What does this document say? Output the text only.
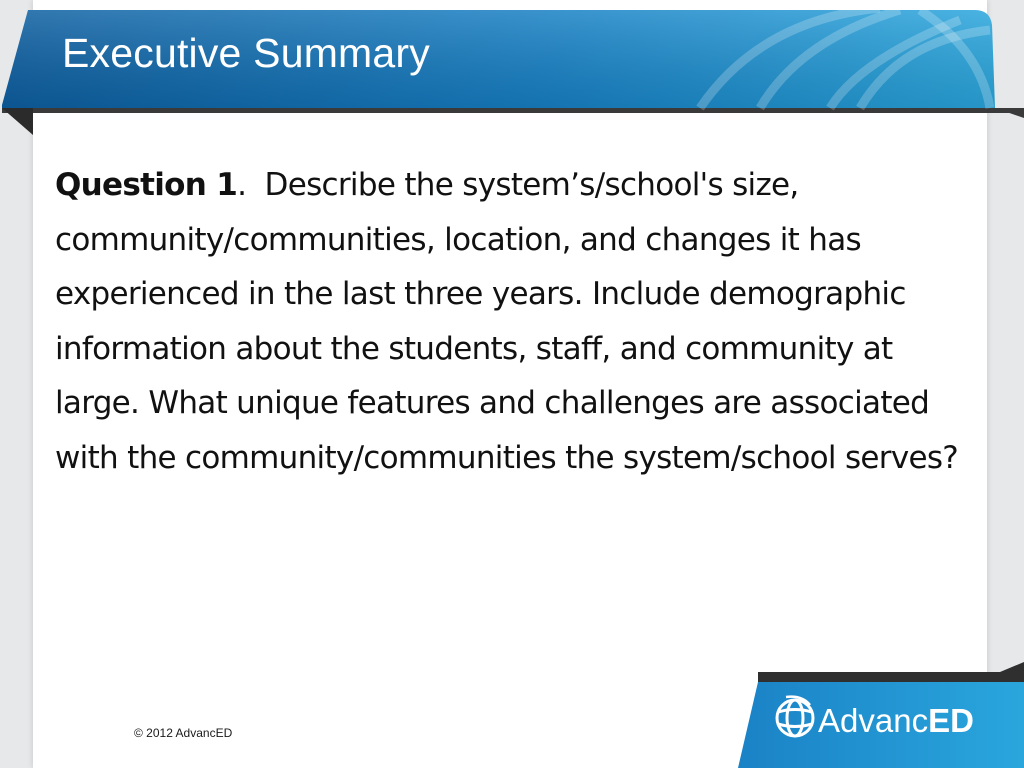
Executive Summary
Question 1. Describe the system’s/school's size, community/communities, location, and changes it has experienced in the last three years. Include demographic information about the students, staff, and community at large. What unique features and challenges are associated with the community/communities the system/school serves?
© 2012 AdvancED	AdvancED
